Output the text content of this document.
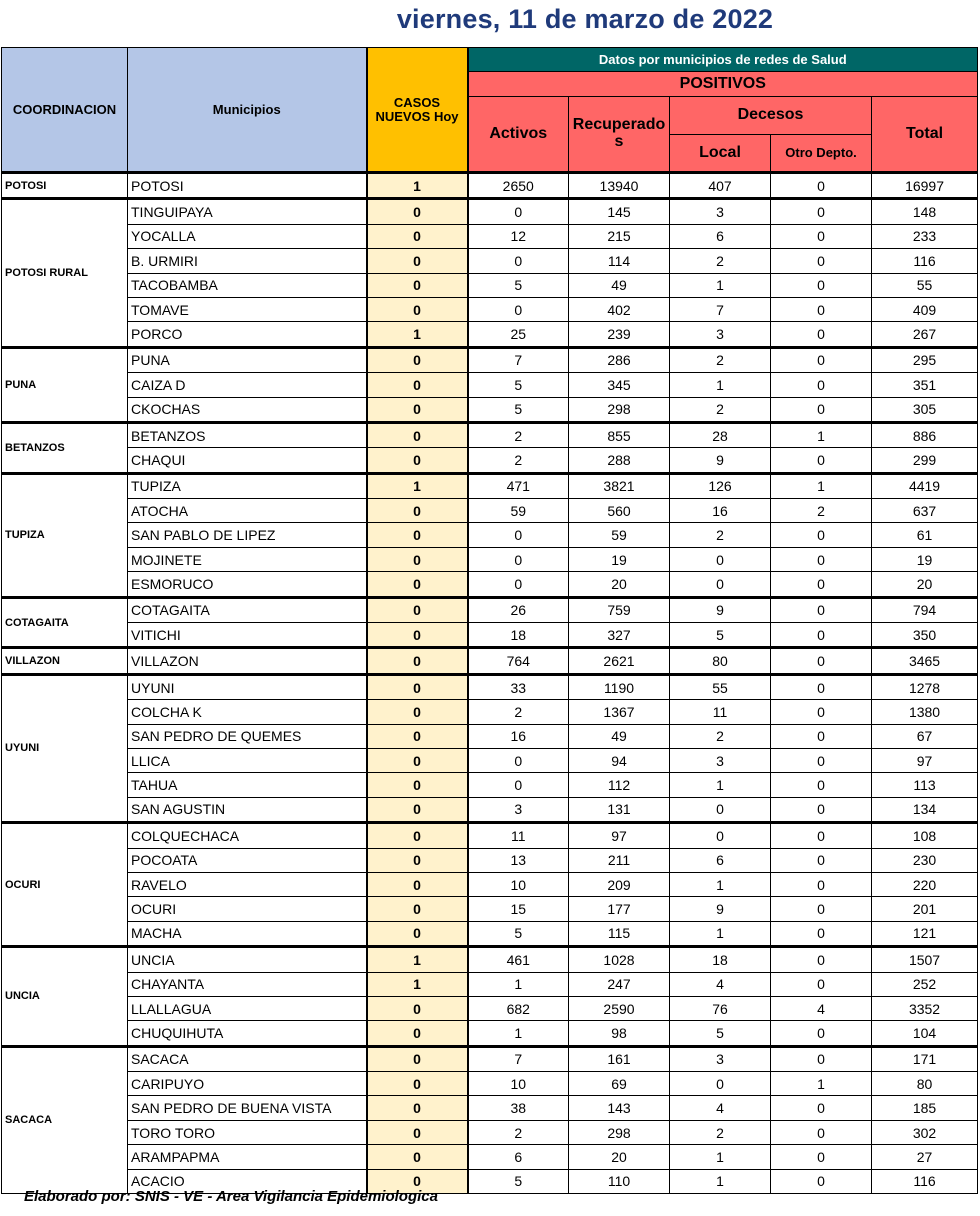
viernes, 11 de marzo de 2022
COORDINACION	Municipios	CASOS NUEVOS Hoy	Datos por municipios de redes de Salud				
			POSITIVOS				
			Activos	Recuperados	Decesos		Total
					Local	Otro Depto.	
POTOSI	POTOSI	1	2650	13940	407	0	16997
POTOSI RURAL	TINGUIPAYA	0	0	145	3	0	148
	YOCALLA	0	12	215	6	0	233
	B. URMIRI	0	0	114	2	0	116
	TACOBAMBA	0	5	49	1	0	55
	TOMAVE	0	0	402	7	0	409
	PORCO	1	25	239	3	0	267
PUNA	PUNA	0	7	286	2	0	295
	CAIZA D	0	5	345	1	0	351
	CKOCHAS	0	5	298	2	0	305
BETANZOS	BETANZOS	0	2	855	28	1	886
	CHAQUI	0	2	288	9	0	299
TUPIZA	TUPIZA	1	471	3821	126	1	4419
	ATOCHA	0	59	560	16	2	637
	SAN PABLO DE LIPEZ	0	0	59	2	0	61
	MOJINETE	0	0	19	0	0	19
	ESMORUCO	0	0	20	0	0	20
COTAGAITA	COTAGAITA	0	26	759	9	0	794
	VITICHI	0	18	327	5	0	350
VILLAZON	VILLAZON	0	764	2621	80	0	3465
UYUNI	UYUNI	0	33	1190	55	0	1278
	COLCHA K	0	2	1367	11	0	1380
	SAN PEDRO DE QUEMES	0	16	49	2	0	67
	LLICA	0	0	94	3	0	97
	TAHUA	0	0	112	1	0	113
	SAN AGUSTIN	0	3	131	0	0	134
OCURI	COLQUECHACA	0	11	97	0	0	108
	POCOATA	0	13	211	6	0	230
	RAVELO	0	10	209	1	0	220
	OCURI	0	15	177	9	0	201
	MACHA	0	5	115	1	0	121
UNCIA	UNCIA	1	461	1028	18	0	1507
	CHAYANTA	1	1	247	4	0	252
	LLALLAGUA	0	682	2590	76	4	3352
	CHUQUIHUTA	0	1	98	5	0	104
SACACA	SACACA	0	7	161	3	0	171
	CARIPUYO	0	10	69	0	1	80
	SAN PEDRO DE BUENA VISTA	0	38	143	4	0	185
	TORO TORO	0	2	298	2	0	302
	ARAMPAPMA	0	6	20	1	0	27
	ACACIO	0	5	110	1	0	116
Elaborado por: SNIS - VE - Area Vigilancia Epidemiologica
